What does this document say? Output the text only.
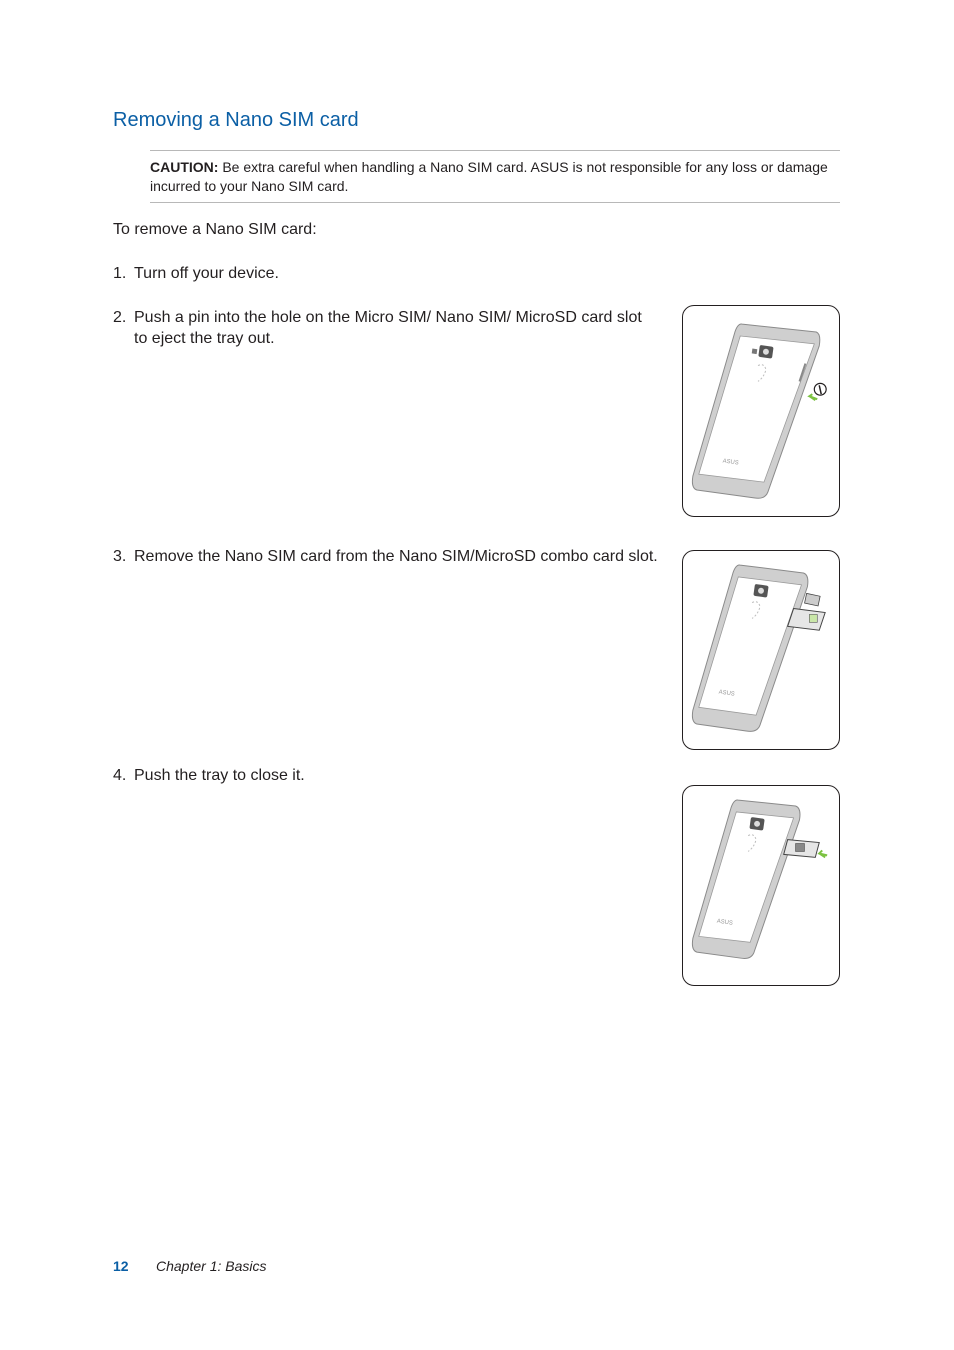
Removing a Nano SIM card
CAUTION: Be extra careful when handling a Nano SIM card. ASUS is not responsible for any loss or damage incurred to your Nano SIM card.
To remove a Nano SIM card:
1. Turn off your device.
2. Push a pin into the hole on the Micro SIM/ Nano SIM/ MicroSD card slot to eject the tray out.
3. Remove the Nano SIM card from the Nano SIM/MicroSD combo card slot.
4. Push the tray to close it.
ASUS
ASUS
ASUS
12 Chapter 1: Basics
